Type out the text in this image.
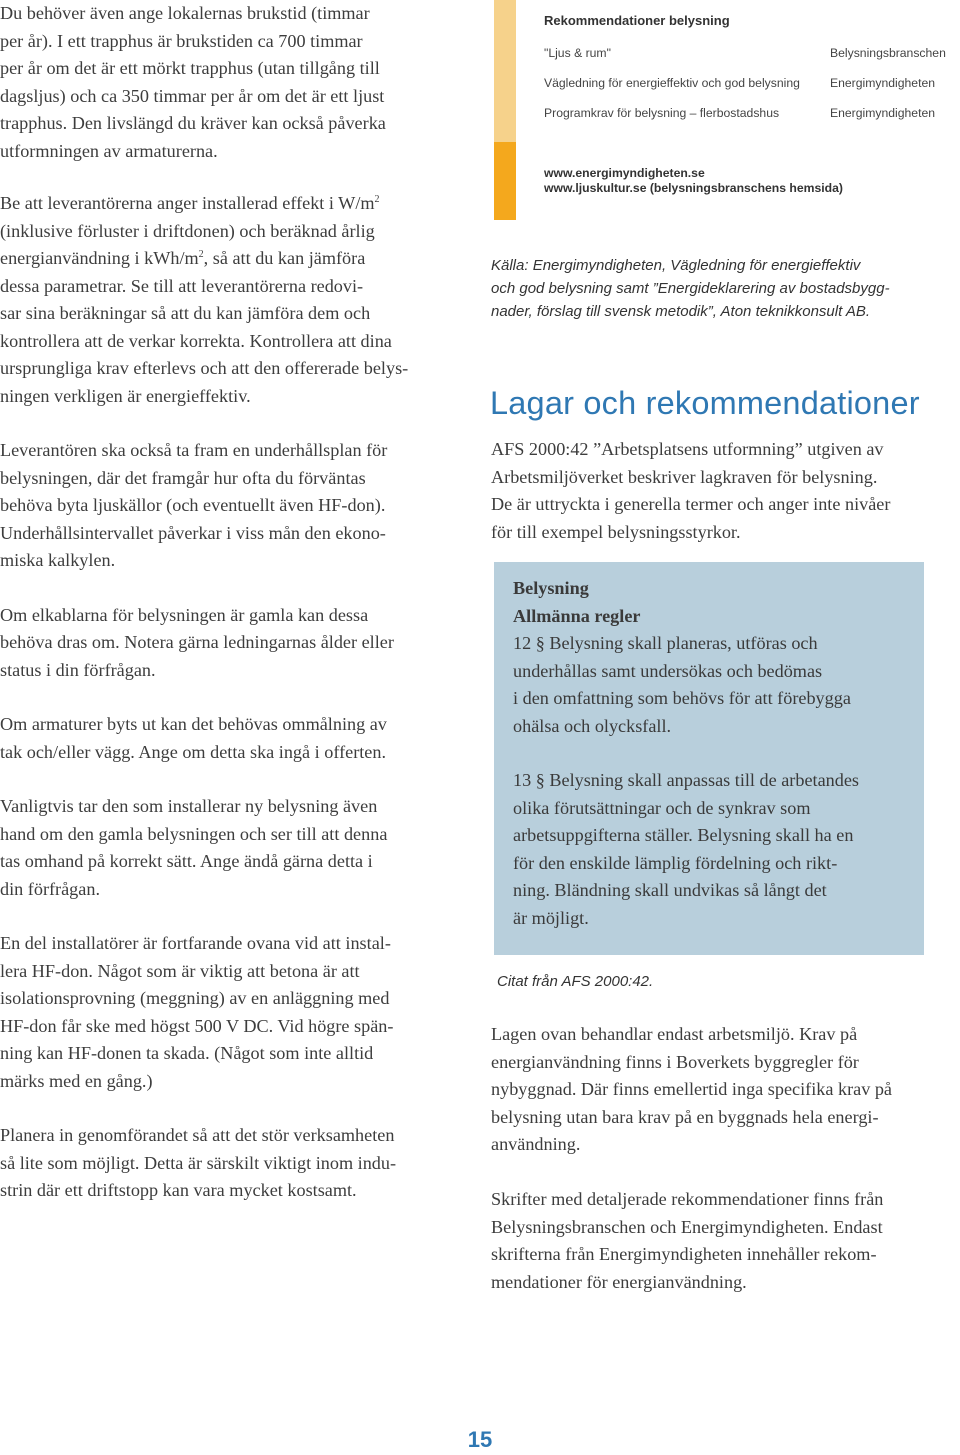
Du behöver även ange lokalernas brukstid (timmar
per år). I ett trapphus är brukstiden ca 700 timmar
per år om det är ett mörkt trapphus (utan tillgång till
dagsljus) och ca 350 timmar per år om det är ett ljust
trapphus. Den livslängd du kräver kan också påverka
utformningen av armaturerna.

Be att leverantörerna anger installerad effekt i $W/m^2$
(inklusive förluster i driftdonen) och beräknad årlig
energianvändning i kWh/$m^2$, så att du kan jämföra
dessa parametrar. Se till att leverantörerna redovi-
sar sina beräkningar så att du kan jämföra dem och
kontrollera att de verkar korrekta. Kontrollera att dina
ursprungliga krav efterlevs och att den offererade belys-
ningen verkligen är energieffektiv.

Leverantören ska också ta fram en underhållsplan för
belysningen, där det framgår hur ofta du förväntas
behöva byta ljuskällor (och eventuellt även HF-don).
Underhållsintervallet påverkar i viss mån den ekono-
miska kalkylen.

Om elkablarna för belysningen är gamla kan dessa
behöva dras om. Notera gärna ledningarnas ålder eller
status i din förfrågan.

Om armaturer byts ut kan det behövas ommålning av
tak och/eller vägg. Ange om detta ska ingå i offerten.

Vanligtvis tar den som installerar ny belysning även
hand om den gamla belysningen och ser till att denna
tas omhand på korrekt sätt. Ange ändå gärna detta i
din förfrågan.

En del installatörer är fortfarande ovana vid att instal-
lera HF-don. Något som är viktig att betona är att
isolationsprovning (meggning) av en anläggning med
HF-don får ske med högst 500 V DC. Vid högre spän-
ning kan HF-donen ta skada. (Något som inte alltid
märks med en gång.)

Planera in genomförandet så att det stör verksamheten
så lite som möjligt. Detta är särskilt viktigt inom indu-
strin där ett driftstopp kan vara mycket kostsamt.

Rekommendationer belysning
"Ljus & rum"	Belysningsbranschen
Vägledning för energieffektiv och god belysning Energimyndigheten
Programkrav för belysning – flerbostadshus	Energimyndigheten
www.energimyndigheten.se
www.ljuskultur.se (belysningsbranschens hemsida)
Källa: Energimyndigheten, Vägledning för energieffektiv
och god belysning samt ”Energideklarering av bostadsbygg-
nader, förslag till svensk metodik”, Aton teknikkonsult AB.
Lagar och rekommendationer

AFS 2000:42 ”Arbetsplatsens utformning” utgiven av
Arbetsmiljöverket beskriver lagkraven för belysning.
De är uttryckta i generella termer och anger inte nivåer
för till exempel belysningsstyrkor.

Belysning
Allmänna regler
12 § Belysning skall planeras, utföras och
underhållas samt undersökas och bedömas
i den omfattning som behövs för att förebygga
ohälsa och olycksfall.
13 § Belysning skall anpassas till de arbetandes
olika förutsättningar och de synkrav som
arbetsuppgifterna ställer. Belysning skall ha en
för den enskilde lämplig fördelning och rikt-
ning. Bländning skall undvikas så långt det
är möjligt.
Citat från AFS 2000:42.

Lagen ovan behandlar endast arbetsmiljö. Krav på
energianvändning finns i Boverkets byggregler för
nybyggnad. Där finns emellertid inga specifika krav på
belysning utan bara krav på en byggnads hela energi-
användning.

Skrifter med detaljerade rekommendationer finns från
Belysningsbranschen och Energimyndigheten. Endast
skrifterna från Energimyndigheten innehåller rekom-
mendationer för energianvändning.

15
